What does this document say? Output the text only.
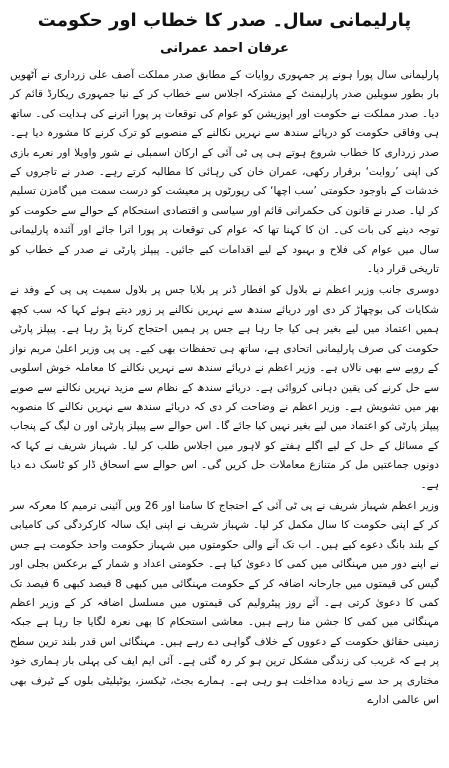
پارلیمانی سال۔ صدر کا خطاب اور حکومت
عرفان احمد عمرانی

پارلیمانی سال پورا ہونے پر جمہوری روایات کے مطابق صدر مملکت آصف علی زرداری نے آٹھویں بار بطور سویلین صدر پارلیمنٹ کے مشترکہ اجلاس سے خطاب کر کے نیا جمہوری ریکارڈ قائم کر دیا۔ صدر مملکت نے حکومت اور اپوزیشن کو عوام کی توقعات پر پورا اترنے کی ہدایت کی۔ ساتھ ہی وفاقی حکومت کو دریائے سندھ سے نہریں نکالنے کے منصوبے کو ترک کرنے کا مشورہ دیا ہے۔ صدر زرداری کا خطاب شروع ہوتے ہی پی ٹی آئی کے ارکان اسمبلی نے شور واویلا اور نعرے بازی کی اپنی ’روایت‘ برقرار رکھی، عمران خان کی رہائی کا مطالبہ کرتے رہے۔ صدر نے تاجروں کے خدشات کے باوجود حکومتی ’سب اچھا‘ کی رپورٹوں پر معیشت کو درست سمت میں گامزن تسلیم کر لیا۔ صدر نے قانون کی حکمرانی قائم اور سیاسی و اقتصادی استحکام کے حوالے سے حکومت کو توجہ دینے کی بات کی۔ ان کا کہنا تھا کہ عوام کی توقعات پر پورا اترا جائے اور آئندہ پارلیمانی سال میں عوام کی فلاح و بہبود کے لیے اقدامات کیے جائیں۔ پیپلز پارٹی نے صدر کے خطاب کو تاریخی قرار دیا۔

دوسری جانب وزیر اعظم نے بلاول کو افطار ڈنر پر بلایا جس پر بلاول سمیت پی پی کے وفد نے شکایات کی بوچھاڑ کر دی اور دریائے سندھ سے نہریں نکالنے پر زور دیتے ہوئے کہا کہ سب کچھ ہمیں اعتماد میں لیے بغیر ہی کیا جا رہا ہے جس پر ہمیں احتجاج کرنا پڑ رہا ہے۔ پیپلز پارٹی حکومت کی صرف پارلیمانی اتحادی ہے، ساتھ ہی تحفظات بھی کیے۔ پی پی وزیر اعلیٰ مریم نواز کے رویے سے بھی نالاں ہے۔ وزیر اعظم نے دریائے سندھ سے نہریں نکالنے کا معاملہ خوش اسلوبی سے حل کرنے کی یقین دہانی کروائی ہے۔ دریائے سندھ کے نظام سے مزید نہریں نکالنے سے صوبے بھر میں تشویش ہے۔ وزیر اعظم نے وضاحت کر دی کہ دریائے سندھ سے نہریں نکالنے کا منصوبہ پیپلز پارٹی کو اعتماد میں لیے بغیر نہیں کیا جائے گا۔ اس حوالے سے پیپلز پارٹی اور ن لیگ کے پنجاب کے مسائل کے حل کے لیے اگلے ہفتے کو لاہور میں اجلاس طلب کر لیا۔ شہباز شریف نے کہا کہ دونوں جماعتیں مل کر متنازع معاملات حل کریں گی۔ اس حوالے سے اسحاق ڈار کو ٹاسک دے دیا ہے۔

وزیر اعظم شہباز شریف نے پی ٹی آئی کے احتجاج کا سامنا اور 26 ویں آئینی ترمیم کا معرکہ سر کر کے اپنی حکومت کا سال مکمل کر لیا۔ شہباز شریف نے اپنی ایک سالہ کارکردگی کی کامیابی کے بلند بانگ دعوے کیے ہیں۔ اب تک آنے والی حکومتوں میں شہباز حکومت واحد حکومت ہے جس نے اپنے دور میں مہنگائی میں کمی کا دعویٰ کیا ہے۔ حکومتی اعداد و شمار کے برعکس بجلی اور گیس کی قیمتوں میں جارحانہ اضافہ کر کے حکومت مہنگائی میں کبھی 8 فیصد کبھی 6 فیصد تک کمی کا دعویٰ کرتی ہے۔ آئے روز پیٹرولیم کی قیمتوں میں مسلسل اضافہ کر کے وزیر اعظم مہنگائی میں کمی کا جشن منا رہے ہیں۔ معاشی استحکام کا بھی نعرہ لگایا جا رہا ہے جبکہ زمینی حقائق حکومت کے دعووں کے خلاف گواہی دے رہے ہیں۔ مہنگائی اس قدر بلند ترین سطح پر ہے کہ غریب کی زندگی مشکل ترین ہو کر رہ گئی ہے۔ آئی ایم ایف کی پہلی بار ہماری خود مختاری پر حد سے زیادہ مداخلت ہو رہی ہے۔ ہمارے بجٹ، ٹیکسز، یوٹیلیٹی بلوں کے ٹیرف بھی اس عالمی ادارے
